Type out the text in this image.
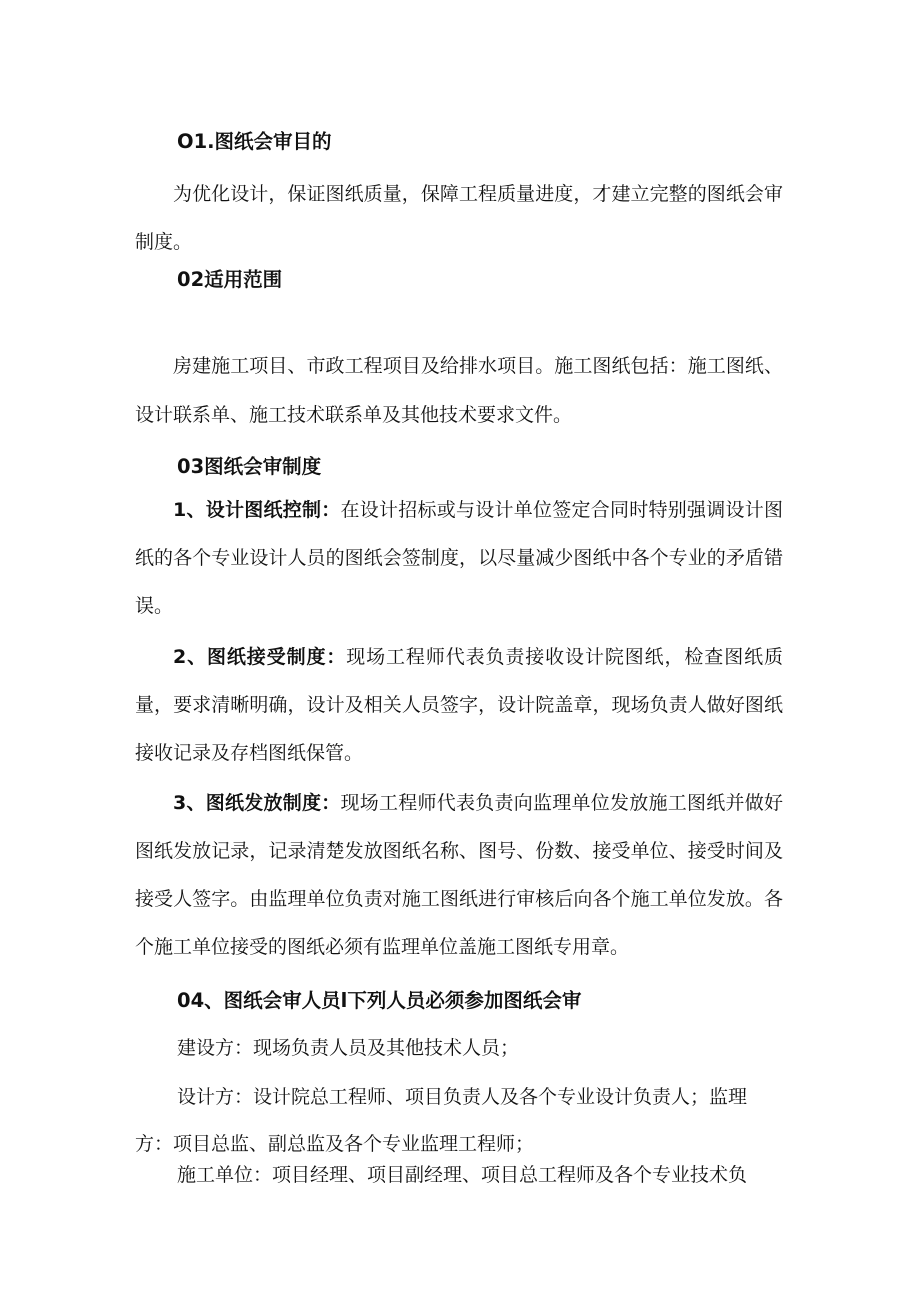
O1.图纸会审目的

为优化设计，保证图纸质量，保障工程质量进度，才建立完整的图纸会审制度。

02适用范围

房建施工项目、市政工程项目及给排水项目。施工图纸包括：施工图纸、设计联系单、施工技术联系单及其他技术要求文件。

03图纸会审制度

1、设计图纸控制：在设计招标或与设计单位签定合同时特别强调设计图纸的各个专业设计人员的图纸会签制度，以尽量减少图纸中各个专业的矛盾错误。

2、图纸接受制度：现场工程师代表负责接收设计院图纸，检查图纸质量，要求清晰明确，设计及相关人员签字，设计院盖章，现场负责人做好图纸接收记录及存档图纸保管。

3、图纸发放制度：现场工程师代表负责向监理单位发放施工图纸并做好图纸发放记录，记录清楚发放图纸名称、图号、份数、接受单位、接受时间及接受人签字。由监理单位负责对施工图纸进行审核后向各个施工单位发放。各个施工单位接受的图纸必须有监理单位盖施工图纸专用章。

04、图纸会审人员l下列人员必须参加图纸会审
建设方：现场负责人员及其他技术人员；
设计方：设计院总工程师、项目负责人及各个专业设计负责人；监理
方：项目总监、副总监及各个专业监理工程师；
施工单位：项目经理、项目副经理、项目总工程师及各个专业技术负
